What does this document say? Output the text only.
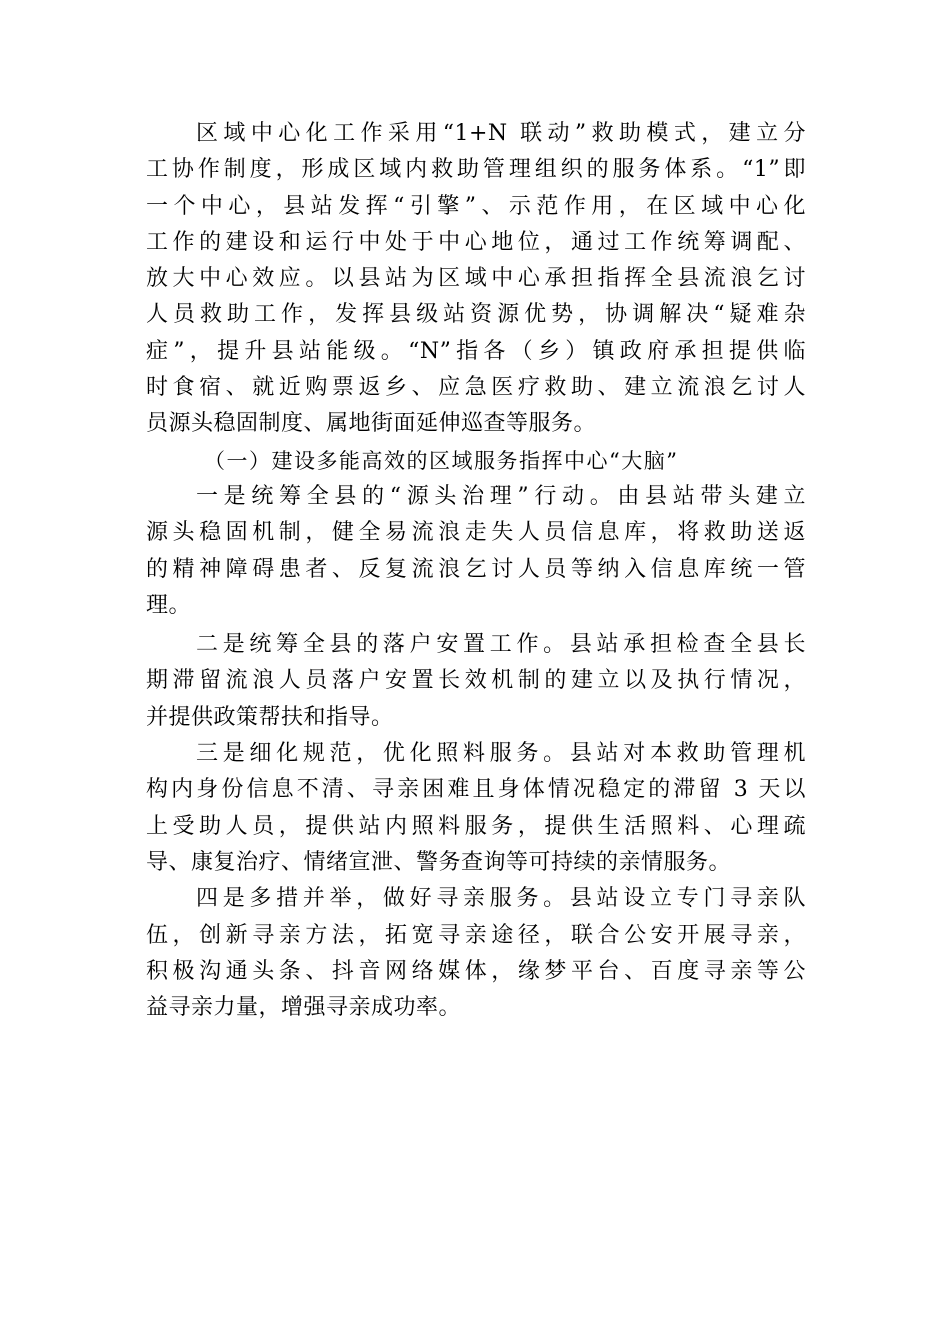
区域中心化工作采用“1+N 联动”救助模式，建立分
工协作制度，形成区域内救助管理组织的服务体系。“1”即
一个中心，县站发挥“引擎”、示范作用，在区域中心化
工作的建设和运行中处于中心地位，通过工作统筹调配、
放大中心效应。以县站为区域中心承担指挥全县流浪乞讨
人员救助工作，发挥县级站资源优势，协调解决“疑难杂
症”，提升县站能级。“N”指各（乡）镇政府承担提供临
时食宿、就近购票返乡、应急医疗救助、建立流浪乞讨人
员源头稳固制度、属地街面延伸巡查等服务。
（一）建设多能高效的区域服务指挥中心“大脑”
一是统筹全县的“源头治理”行动。由县站带头建立
源头稳固机制，健全易流浪走失人员信息库，将救助送返
的精神障碍患者、反复流浪乞讨人员等纳入信息库统一管
理。
二是统筹全县的落户安置工作。县站承担检查全县长
期滞留流浪人员落户安置长效机制的建立以及执行情况，
并提供政策帮扶和指导。
三是细化规范，优化照料服务。县站对本救助管理机
构内身份信息不清、寻亲困难且身体情况稳定的滞留 3 天以
上受助人员，提供站内照料服务，提供生活照料、心理疏
导、康复治疗、情绪宣泄、警务查询等可持续的亲情服务。
四是多措并举，做好寻亲服务。县站设立专门寻亲队
伍，创新寻亲方法，拓宽寻亲途径，联合公安开展寻亲，
积极沟通头条、抖音网络媒体，缘梦平台、百度寻亲等公
益寻亲力量，增强寻亲成功率。
